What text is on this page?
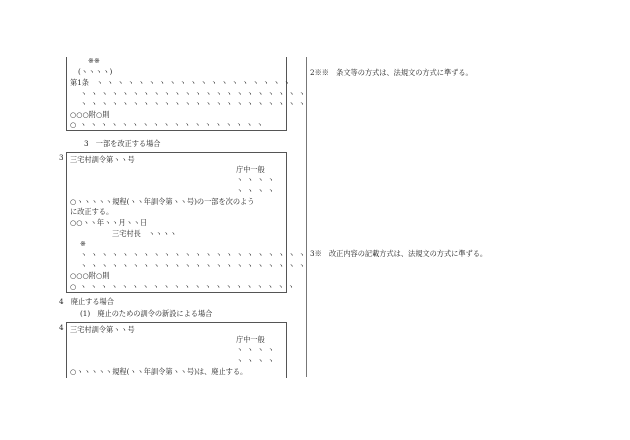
※※
(ヽヽヽヽ)
第1条 ヽヽヽヽヽヽヽヽヽヽヽヽヽヽヽヽヽヽヽ
ヽヽヽヽヽヽヽヽヽヽヽヽヽヽヽヽヽヽヽヽヽヽ
ヽヽヽヽヽヽヽヽヽヽヽヽヽヽヽヽヽヽヽヽヽヽ
○○○附○則
○ヽヽヽヽヽヽヽヽヽヽヽヽヽヽヽヽヽヽ
3　一部を改正する場合
3 三宅村訓令第ヽヽ号
庁中一般
ヽヽヽヽ
ヽヽヽヽ
○ヽヽヽヽヽ規程(ヽヽ年訓令第ヽヽ号)の一部を次のよう
に改正する。
○○ヽヽ年ヽヽ月ヽヽ日
三宅村長　ヽヽヽヽ
※
ヽヽヽヽヽヽヽヽヽヽヽヽヽヽヽヽヽヽヽヽヽヽ
ヽヽヽヽヽヽヽヽヽヽヽヽヽヽヽヽヽヽヽヽヽヽ
○○○附○則
○ヽヽヽヽヽヽヽヽヽヽヽヽヽヽヽヽヽヽヽヽヽ
4　廃止する場合
(1)　廃止のための訓令の新設による場合
4 三宅村訓令第ヽヽ号
庁中一般
ヽヽヽヽ
ヽヽヽヽ
○ヽヽヽヽヽ規程(ヽヽ年訓令第ヽヽ号)は、廃止する。
2※※　条文等の方式は、法規文の方式に準ずる。
3※　改正内容の記載方式は、法規文の方式に準ずる。
